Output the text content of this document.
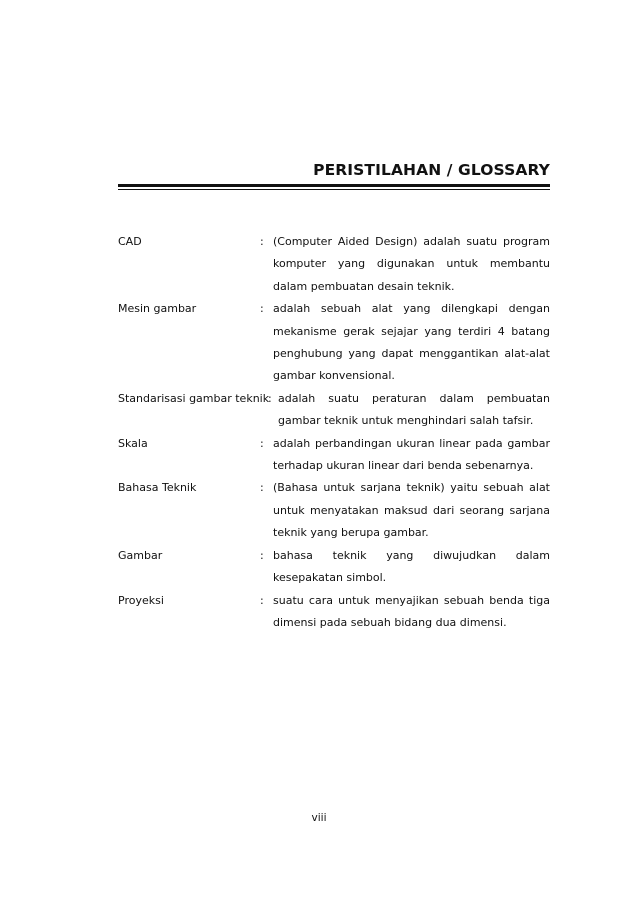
PERISTILAHAN / GLOSSARY
CAD	: (Computer Aided Design) adalah suatu program
komputer yang digunakan untuk membantu
dalam pembuatan desain teknik.
Mesin gambar	: adalah sebuah alat yang dilengkapi dengan
mekanisme gerak sejajar yang terdiri 4 batang
penghubung yang dapat menggantikan alat-alat
gambar konvensional.
Standarisasi gambar teknik
: adalah suatu peraturan dalam pembuatan
gambar teknik untuk menghindari salah tafsir.
Skala	: adalah perbandingan ukuran linear pada gambar
terhadap ukuran linear dari benda sebenarnya.
Bahasa Teknik	: (Bahasa untuk sarjana teknik) yaitu sebuah alat
untuk menyatakan maksud dari seorang sarjana
teknik yang berupa gambar.
Gambar	: bahasa teknik yang diwujudkan dalam
kesepakatan simbol.
Proyeksi	: suatu cara untuk menyajikan sebuah benda tiga
dimensi pada sebuah bidang dua dimensi.
viii
